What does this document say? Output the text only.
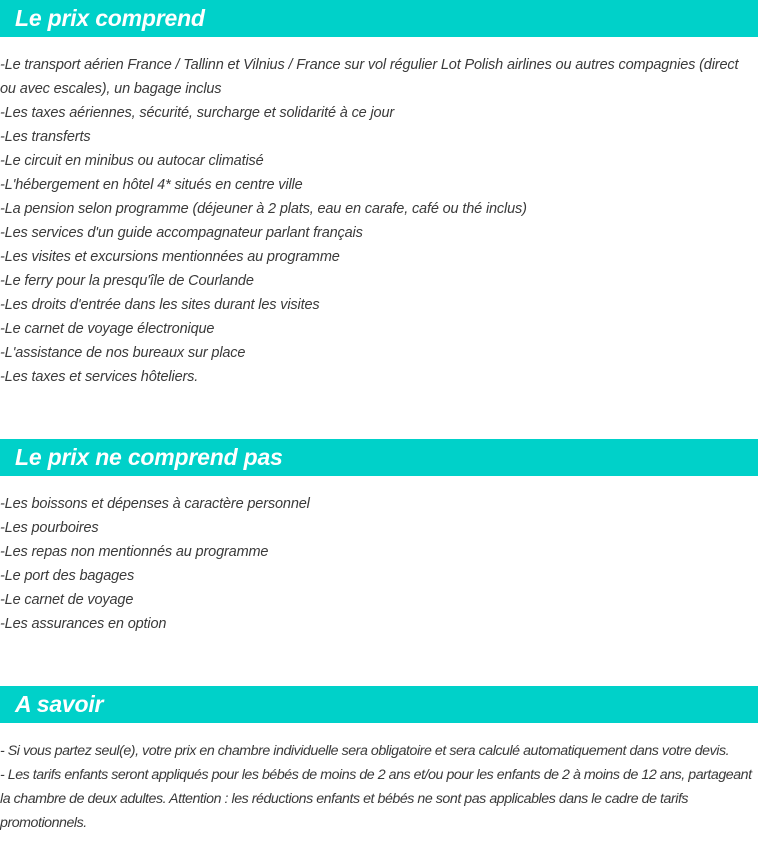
Le prix comprend
-Le transport aérien France / Tallinn et Vilnius / France sur vol régulier Lot Polish airlines ou autres compagnies (direct ou avec escales), un bagage inclus
-Les taxes aériennes, sécurité, surcharge et solidarité à ce jour
-Les transferts
-Le circuit en minibus ou autocar climatisé
-L'hébergement en hôtel 4* situés en centre ville
-La pension selon programme (déjeuner à 2 plats, eau en carafe, café ou thé inclus)
-Les services d'un guide accompagnateur parlant français
-Les visites et excursions mentionnées au programme
-Le ferry pour la presqu'île de Courlande
-Les droits d'entrée dans les sites durant les visites
-Le carnet de voyage électronique
-L'assistance de nos bureaux sur place
-Les taxes et services hôteliers.
Le prix ne comprend pas
-Les boissons et dépenses à caractère personnel
-Les pourboires
-Les repas non mentionnés au programme
-Le port des bagages
-Le carnet de voyage
-Les assurances en option
A savoir
- Si vous partez seul(e), votre prix en chambre individuelle sera obligatoire et sera calculé automatiquement dans votre devis.
- Les tarifs enfants seront appliqués pour les bébés de moins de 2 ans et/ou pour les enfants de 2 à moins de 12 ans, partageant la chambre de deux adultes. Attention : les réductions enfants et bébés ne sont pas applicables dans le cadre de tarifs promotionnels.
